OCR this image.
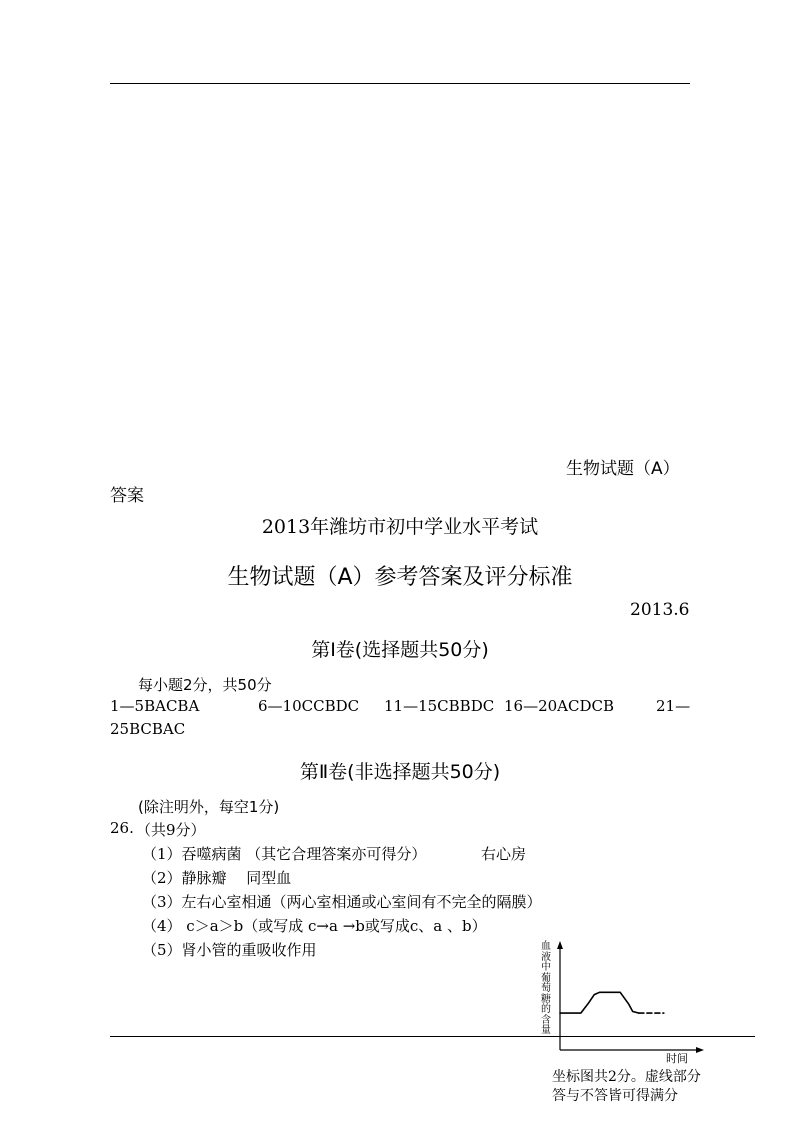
生物试题（A）
答案
2013年潍坊市初中学业水平考试
生物试题（A）参考答案及评分标准
2013.6
第Ⅰ卷(选择题共50分)
每小题2分，共50分
1—5BACBA	6—10CCBDC 11—15CBBDC 16—20ACDCB	21—
25BCBAC
第Ⅱ卷(非选择题共50分)
(除注明外，每空1分)
26. （共9分）
（1）吞噬病菌 （其它合理答案亦可得分）	右心房
（2）静脉瓣　 同型血
（3）左右心室相通（两心室相通或心室间有不完全的隔膜）
（4） c＞a＞b（或写成 c→a →b或写成c、a 、b）
（5）肾小管的重吸收作用	血
液
中
葡
萄
糖
的
含
量
时间
坐标图共2分。虚线部分
答与不答皆可得满分
